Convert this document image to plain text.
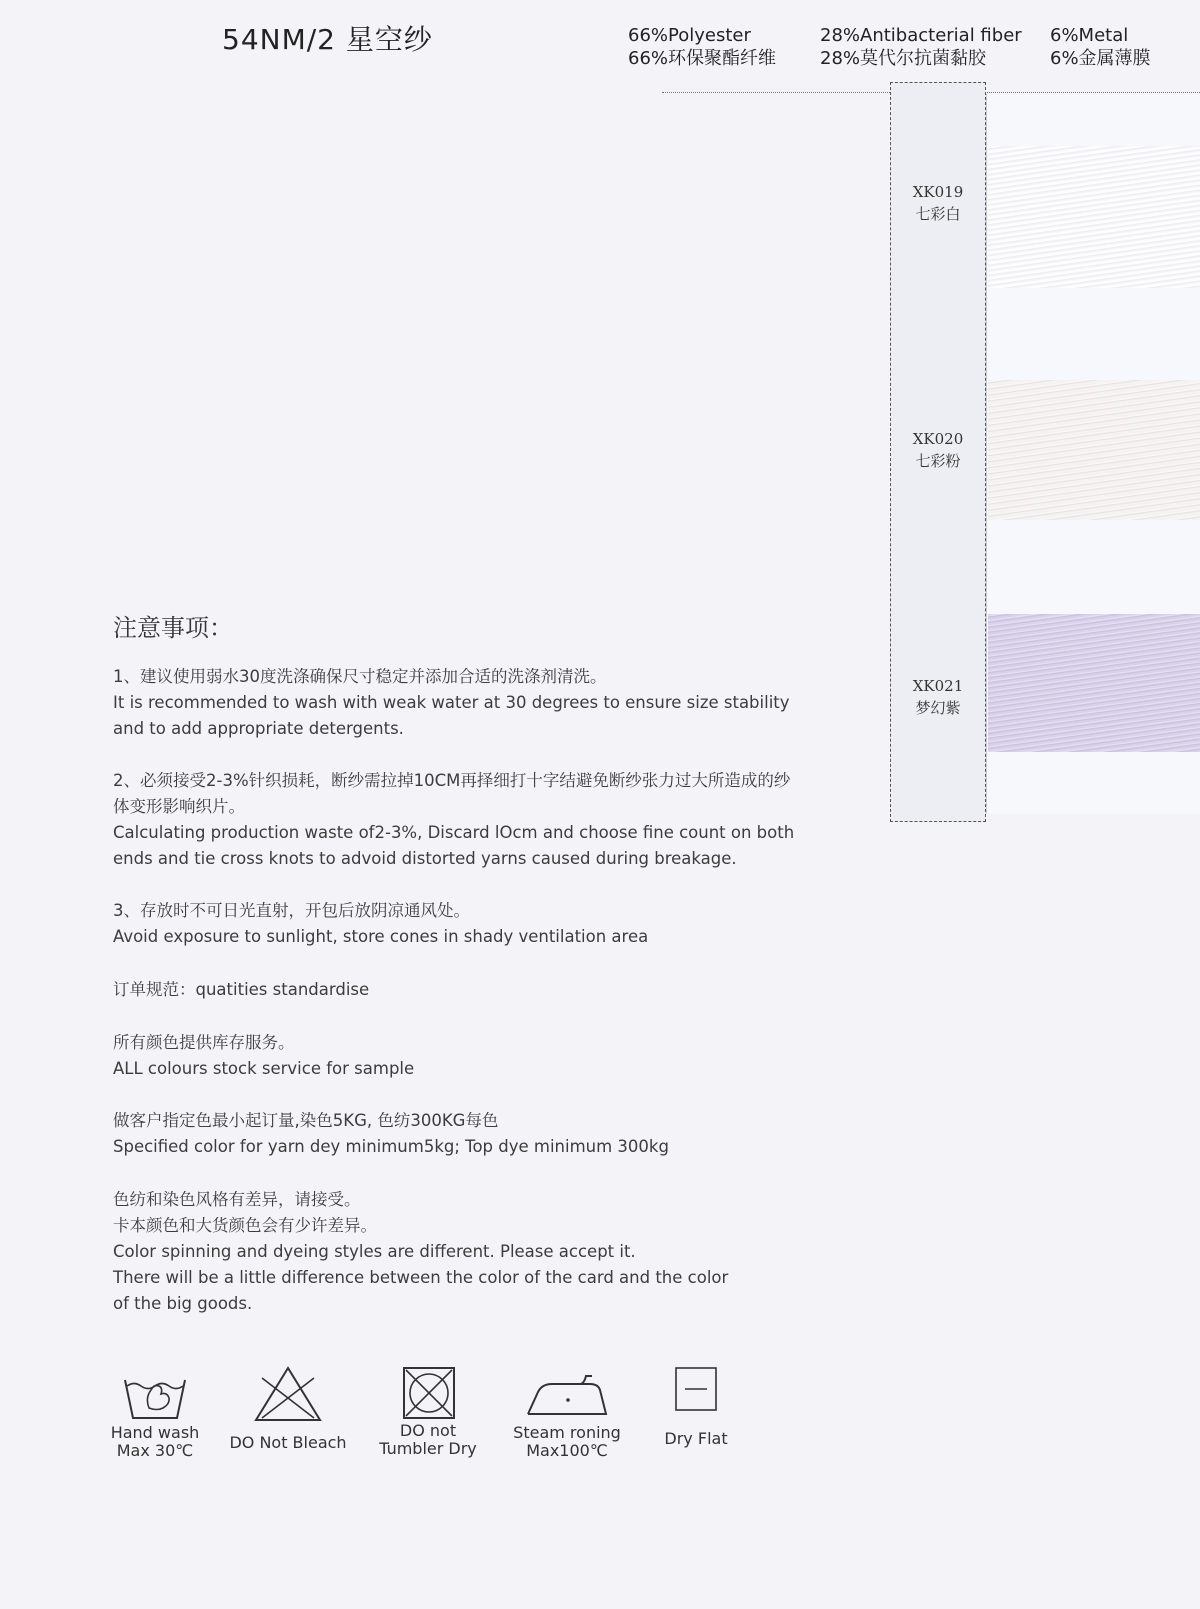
54NM/2 星空纱	66%Polyester
66%环保聚酯纤维
28%Antibacterial fiber
28%莫代尔抗菌黏胶
6%Metal
6%金属薄膜
XK019
七彩白
XK020
七彩粉
XK021
梦幻紫
注意事项：
1、建议使用弱水30度洗涤确保尺寸稳定并添加合适的洗涤剂清洗。
It is recommended to wash with weak water at 30 degrees to ensure size stability
and to add appropriate detergents.
2、必须接受2-3%针织损耗，断纱需拉掉10CM再择细打十字结避免断纱张力过大所造成的纱
体变形影响织片。
Calculating production waste of2-3%, Discard lOcm and choose fine count on both
ends and tie cross knots to advoid distorted yarns caused during breakage.
3、存放时不可日光直射，开包后放阴凉通风处。
Avoid exposure to sunlight, store cones in shady ventilation area
订单规范：quatities standardise
所有颜色提供库存服务。
ALL colours stock service for sample
做客户指定色最小起订量,染色5KG, 色纺300KG每色
Specified color for yarn dey minimum5kg; Top dye minimum 300kg
色纺和染色风格有差异，请接受。
卡本颜色和大货颜色会有少许差异。
Color spinning and dyeing styles are different. Please accept it.
There will be a little difference between the color of the card and the color
of the big goods.
Hand wash
Max 30℃	DO Not Bleach
DO not
Tumbler Dry
Steam roning
Max100℃
Dry Flat
